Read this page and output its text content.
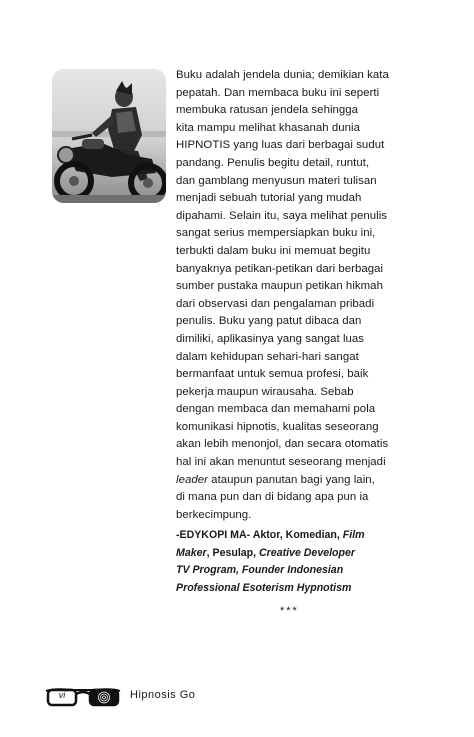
Buku adalah jendela dunia; demikian kata
pepatah. Dan membaca buku ini seperti
membuka ratusan jendela sehingga
kita mampu melihat khasanah dunia
HIPNOTIS yang luas dari berbagai sudut
pandang. Penulis begitu detail, runtut,
dan gamblang menyusun materi tulisan
menjadi sebuah tutorial yang mudah
dipahami. Selain itu, saya melihat penulis
sangat serius mempersiapkan buku ini,
terbukti dalam buku ini memuat begitu
banyaknya petikan-petikan dari berbagai
sumber pustaka maupun petikan hikmah
dari observasi dan pengalaman pribadi
penulis. Buku yang patut dibaca dan
dimiliki, aplikasinya yang sangat luas
dalam kehidupan sehari-hari sangat
bermanfaat untuk semua profesi, baik
pekerja maupun wirausaha. Sebab
dengan membaca dan memahami pola
komunikasi hipnotis, kualitas seseorang
akan lebih menonjol, dan secara otomatis
hal ini akan menuntut seseorang menjadi
leader ataupun panutan bagi yang lain,
di mana pun dan di bidang apa pun ia
berkecimpung.
-EDYKOPI MA- Aktor, Komedian, Film
Maker, Pesulap, Creative Developer
TV Program, Founder Indonesian
Professional Esoterism Hypnotism
***
vi	Hipnosis Go
